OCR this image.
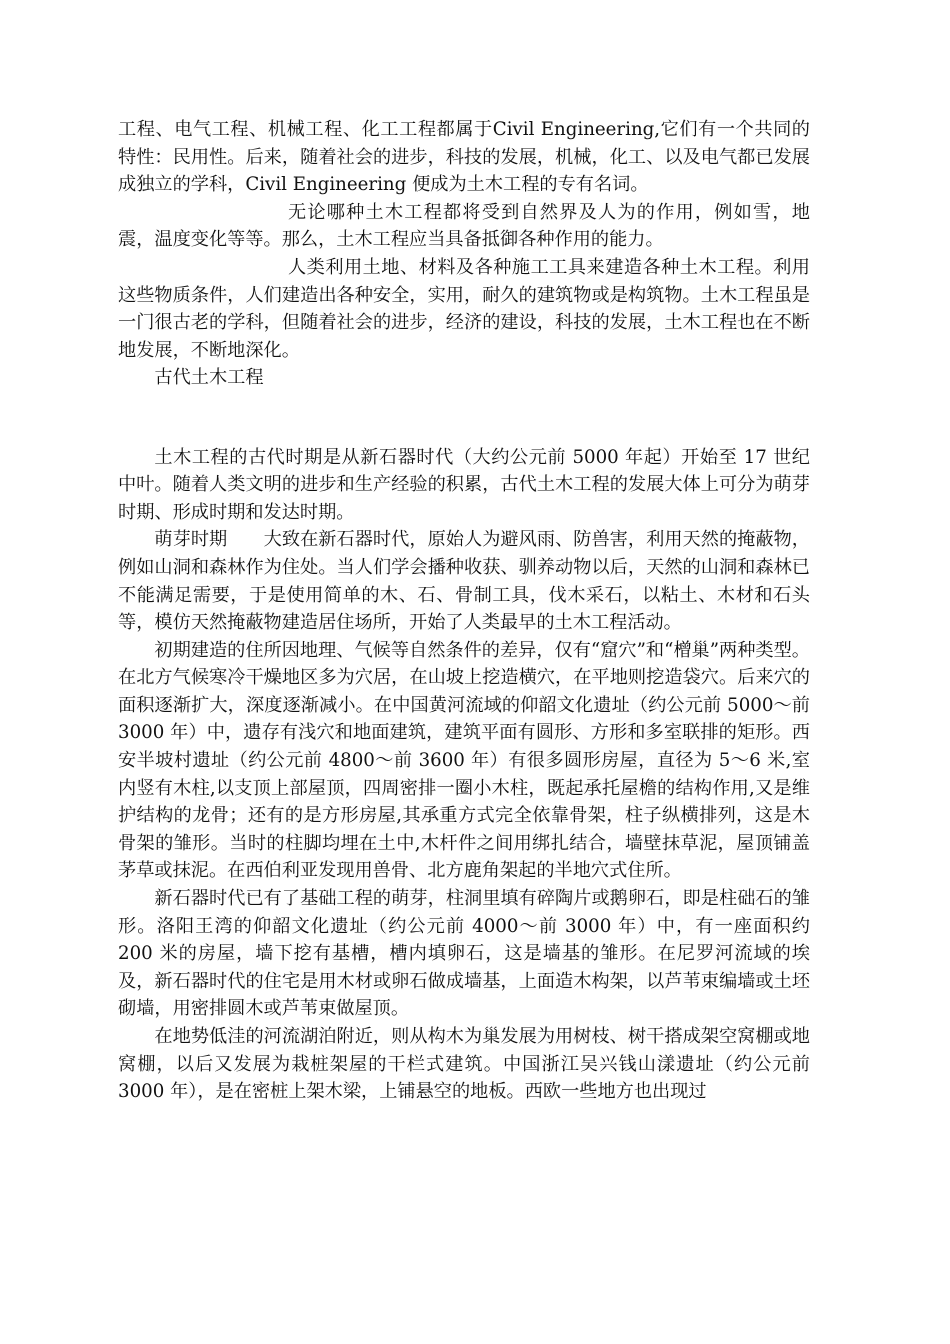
工程、电气工程、机械工程、化工工程都属于Civil Engineering,它们有一个共同的特性：民用性。后来，随着社会的进步，科技的发展，机械，化工、以及电气都已发展成独立的学科，Civil Engineering 便成为土木工程的专有名词。

无论哪种土木工程都将受到自然界及人为的作用，例如雪，地震，温度变化等等。那么，土木工程应当具备抵御各种作用的能力。

人类利用土地、材料及各种施工工具来建造各种土木工程。利用这些物质条件，人们建造出各种安全，实用，耐久的建筑物或是构筑物。土木工程虽是一门很古老的学科，但随着社会的进步，经济的建设，科技的发展，土木工程也在不断地发展，不断地深化。

古代土木工程

土木工程的古代时期是从新石器时代（大约公元前 5000 年起）开始至 17 世纪中叶。随着人类文明的进步和生产经验的积累，古代土木工程的发展大体上可分为萌芽时期、形成时期和发达时期。

萌芽时期　　大致在新石器时代，原始人为避风雨、防兽害，利用天然的掩蔽物，例如山洞和森林作为住处。当人们学会播种收获、驯养动物以后，天然的山洞和森林已不能满足需要，于是使用简单的木、石、骨制工具，伐木采石，以粘土、木材和石头等，模仿天然掩蔽物建造居住场所，开始了人类最早的土木工程活动。

初期建造的住所因地理、气候等自然条件的差异，仅有“窟穴”和“橧巢”两种类型。在北方气候寒冷干燥地区多为穴居，在山坡上挖造横穴，在平地则挖造袋穴。后来穴的面积逐渐扩大，深度逐渐减小。在中国黄河流域的仰韶文化遗址（约公元前 5000～前 3000 年）中，遗存有浅穴和地面建筑，建筑平面有圆形、方形和多室联排的矩形。西安半坡村遗址（约公元前 4800～前 3600 年）有很多圆形房屋，直径为 5～6 米,室内竖有木柱,以支顶上部屋顶，四周密排一圈小木柱，既起承托屋檐的结构作用,又是维护结构的龙骨；还有的是方形房屋,其承重方式完全依靠骨架，柱子纵横排列，这是木骨架的雏形。当时的柱脚均埋在土中,木杆件之间用绑扎结合，墙壁抹草泥，屋顶铺盖茅草或抹泥。在西伯利亚发现用兽骨、北方鹿角架起的半地穴式住所。

新石器时代已有了基础工程的萌芽，柱洞里填有碎陶片或鹅卵石，即是柱础石的雏形。洛阳王湾的仰韶文化遗址（约公元前 4000～前 3000 年）中，有一座面积约 200 米的房屋，墙下挖有基槽，槽内填卵石，这是墙基的雏形。在尼罗河流域的埃及，新石器时代的住宅是用木材或卵石做成墙基，上面造木构架，以芦苇束编墙或土坯砌墙，用密排圆木或芦苇束做屋顶。

在地势低洼的河流湖泊附近，则从构木为巢发展为用树枝、树干搭成架空窝棚或地窝棚，以后又发展为栽桩架屋的干栏式建筑。中国浙江吴兴钱山漾遗址（约公元前 3000 年），是在密桩上架木梁，上铺悬空的地板。西欧一些地方也出现过
